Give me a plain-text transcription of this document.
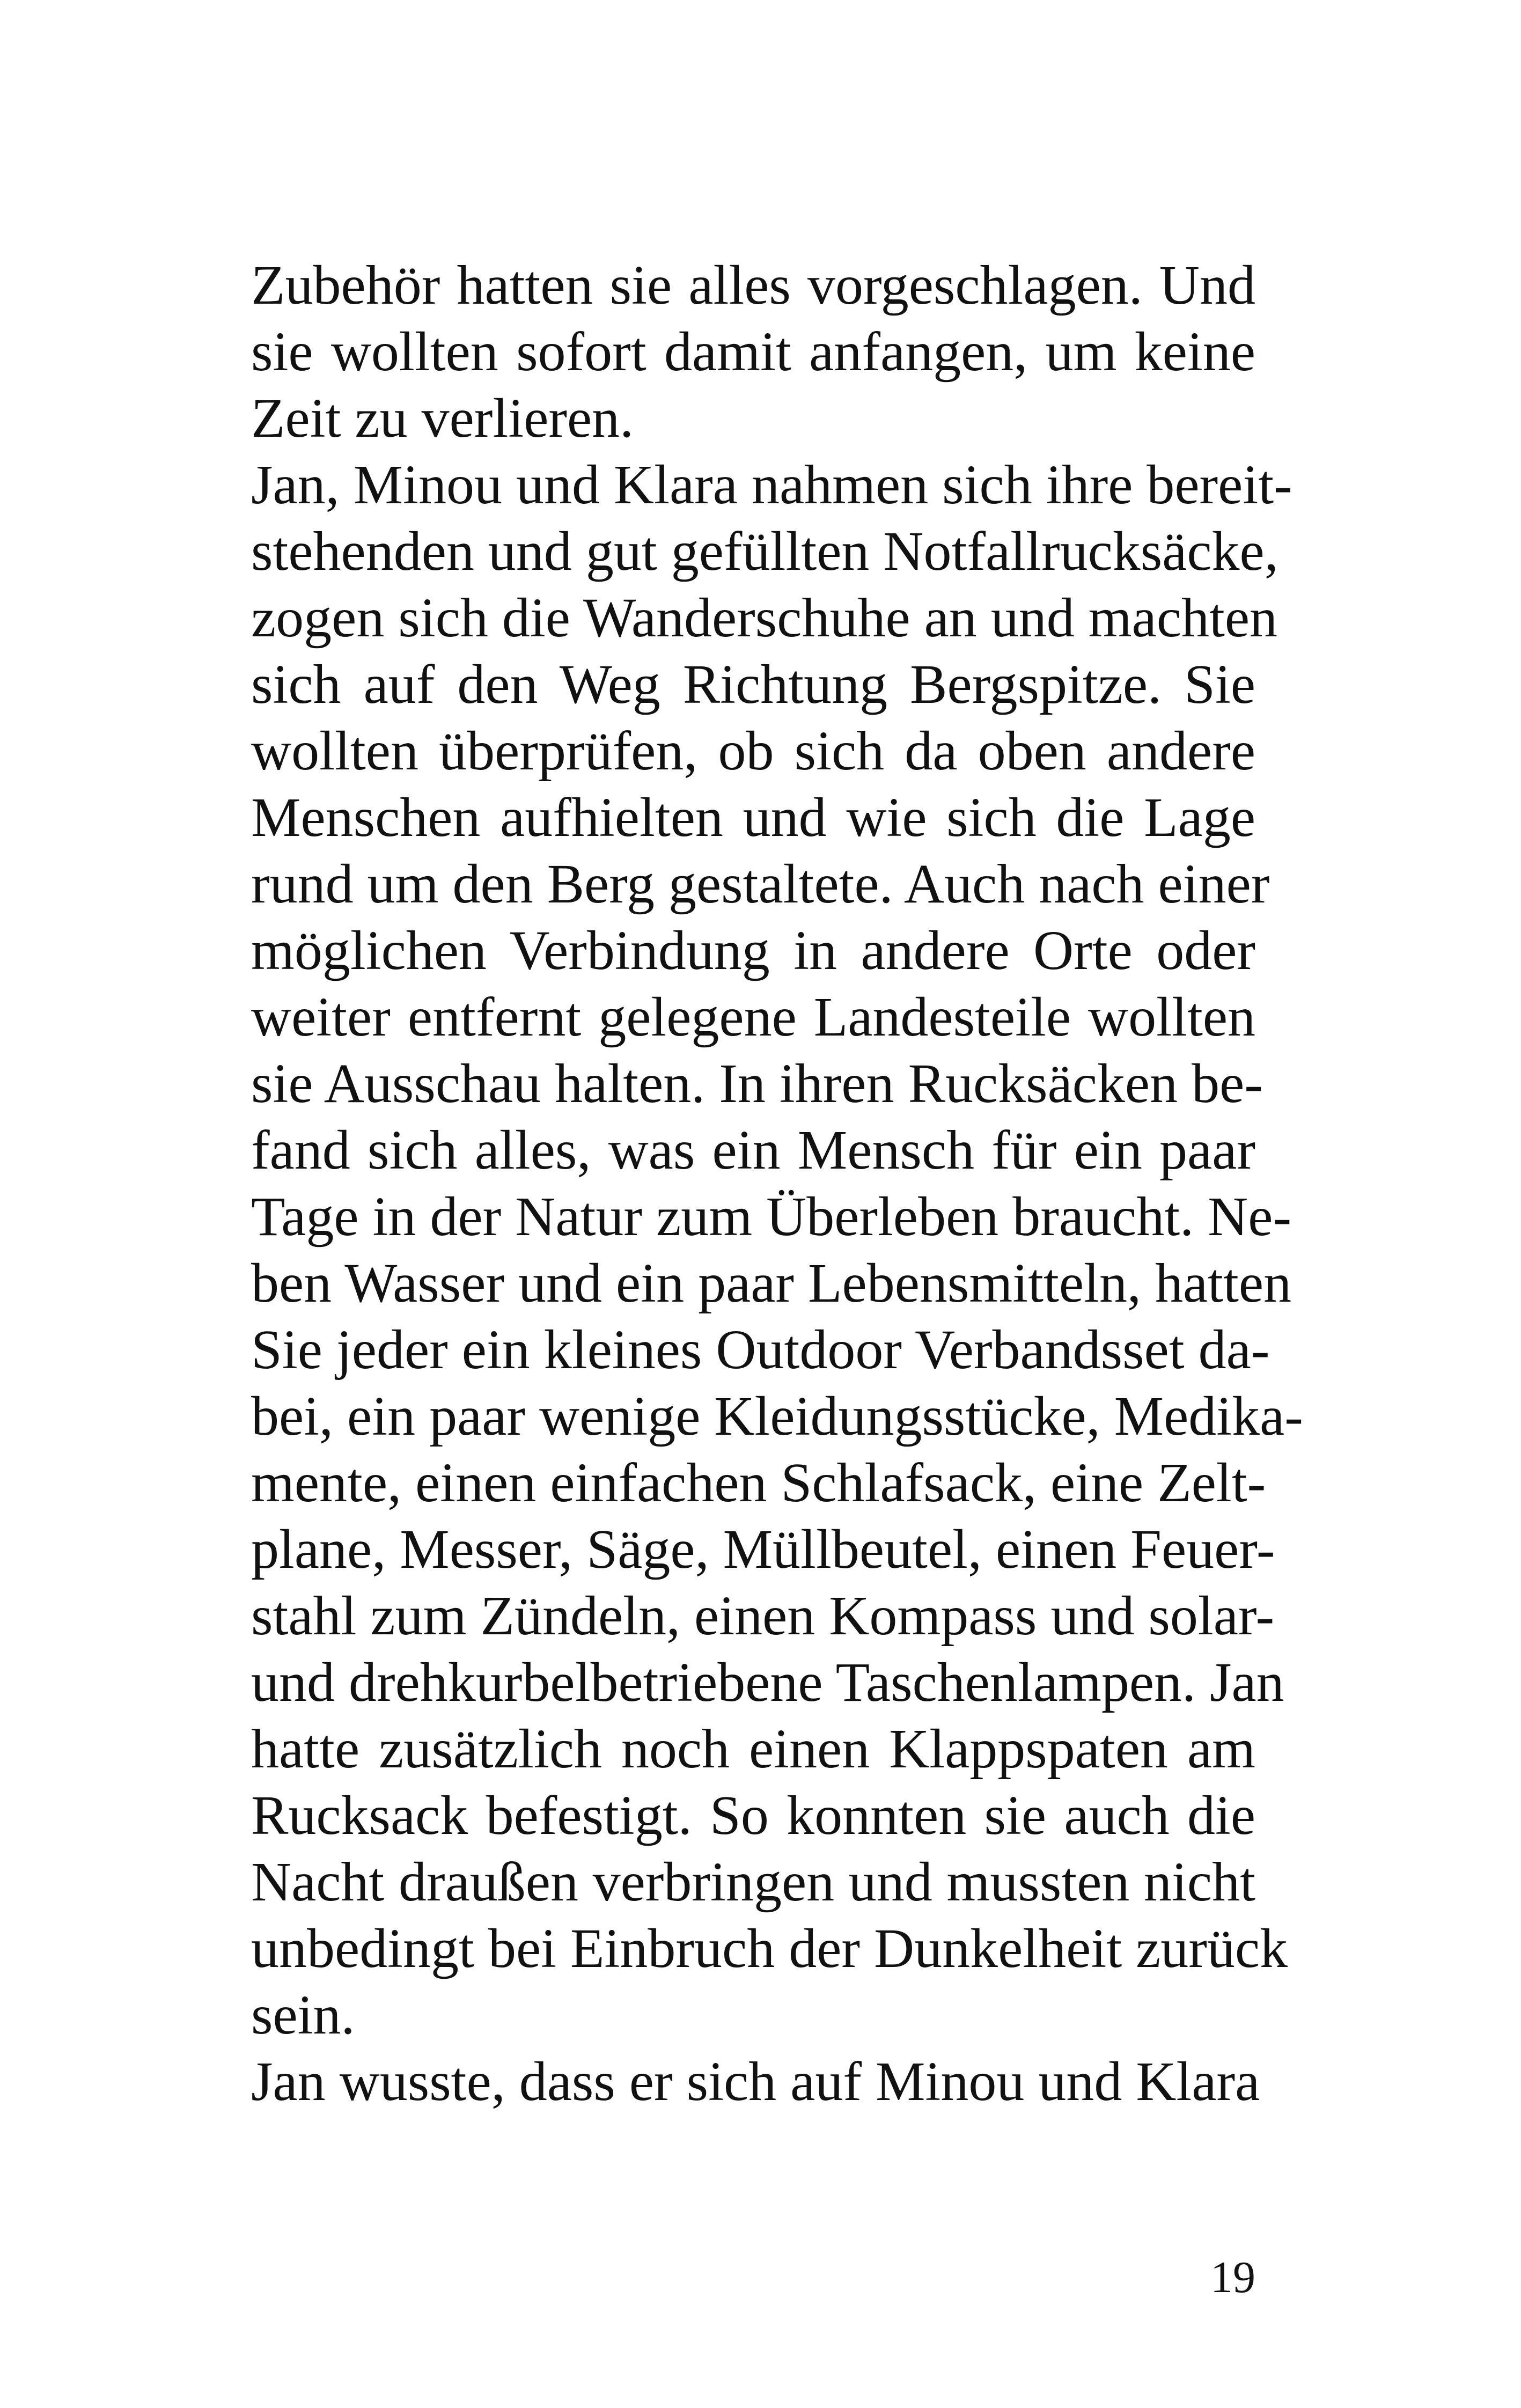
Zubehör hatten sie alles vorgeschlagen. Und
sie wollten sofort damit anfangen, um keine
Zeit zu verlieren.
Jan, Minou und Klara nahmen sich ihre bereit-
stehenden und gut gefüllten Notfallrucksäcke,
zogen sich die Wanderschuhe an und machten
sich auf den Weg Richtung Bergspitze. Sie
wollten überprüfen, ob sich da oben andere
Menschen aufhielten und wie sich die Lage
rund um den Berg gestaltete. Auch nach einer
möglichen Verbindung in andere Orte oder
weiter entfernt gelegene Landesteile wollten
sie Ausschau halten. In ihren Rucksäcken be-
fand sich alles, was ein Mensch für ein paar
Tage in der Natur zum Überleben braucht. Ne-
ben Wasser und ein paar Lebensmitteln, hatten
Sie jeder ein kleines Outdoor Verbandsset da-
bei, ein paar wenige Kleidungsstücke, Medika-
mente, einen einfachen Schlafsack, eine Zelt-
plane, Messer, Säge, Müllbeutel, einen Feuer-
stahl zum Zündeln, einen Kompass und solar-
und drehkurbelbetriebene Taschenlampen. Jan
hatte zusätzlich noch einen Klappspaten am
Rucksack befestigt. So konnten sie auch die
Nacht draußen verbringen und mussten nicht
unbedingt bei Einbruch der Dunkelheit zurück
sein.
Jan wusste, dass er sich auf Minou und Klara
19
